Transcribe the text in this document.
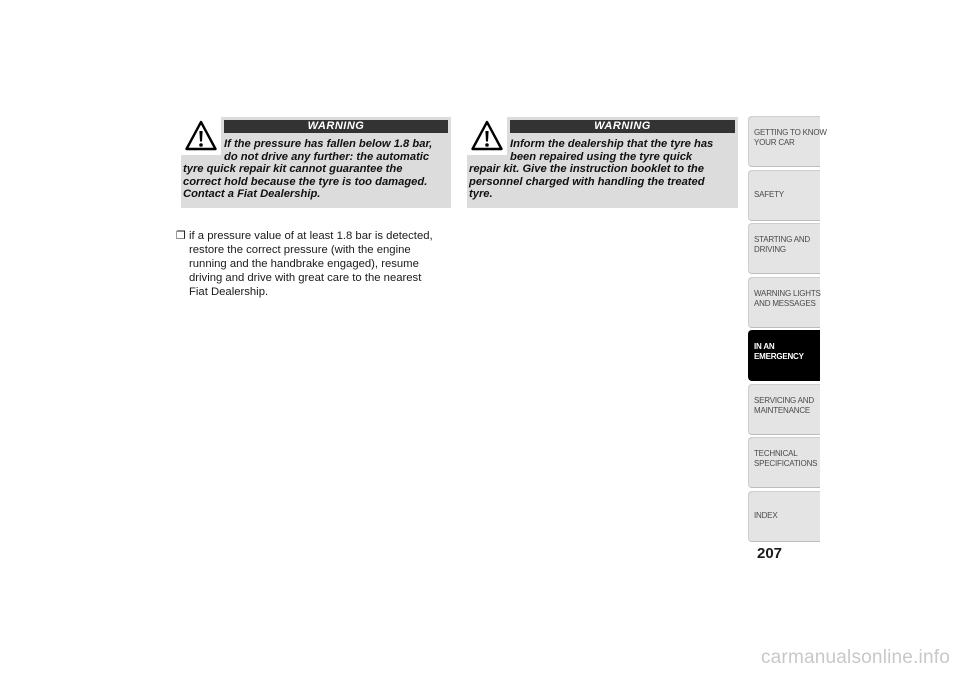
WARNING
If the pressure has fallen below 1.8 bar,
do not drive any further: the automatic
tyre quick repair kit cannot guarantee the
correct hold because the tyre is too damaged.
Contact a Fiat Dealership.
❒ if a pressure value of at least 1.8 bar is detected,
restore the correct pressure (with the engine
running and the handbrake engaged), resume
driving and drive with great care to the nearest
Fiat Dealership.
WARNING
Inform the dealership that the tyre has
been repaired using the tyre quick
repair kit. Give the instruction booklet to the
personnel charged with handling the treated
tyre.
GETTING TO KNOW
YOUR CAR
SAFETY
STARTING AND
DRIVING
WARNING LIGHTS
AND MESSAGES
IN AN
EMERGENCY
SERVICING AND
MAINTENANCE
TECHNICAL
SPECIFICATIONS
INDEX
207
carmanualsonline.info
